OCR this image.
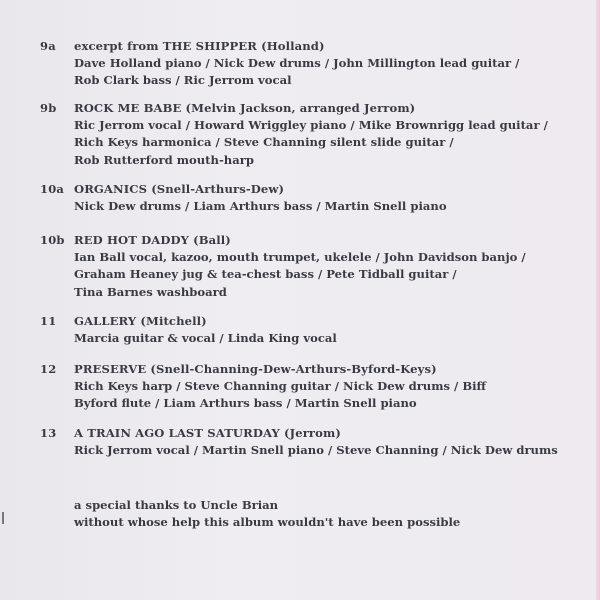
9a excerpt from THE SHIPPER (Holland)
Dave Holland piano / Nick Dew drums / John Millington lead guitar /
Rob Clark bass / Ric Jerrom vocal
9b ROCK ME BABE (Melvin Jackson, arranged Jerrom)
Ric Jerrom vocal / Howard Wriggley piano / Mike Brownrigg lead guitar /
Rich Keys harmonica / Steve Channing silent slide guitar /
Rob Rutterford mouth-harp
10a ORGANICS (Snell-Arthurs-Dew)
Nick Dew drums / Liam Arthurs bass / Martin Snell piano
10b RED HOT DADDY (Ball)
Ian Ball vocal, kazoo, mouth trumpet, ukelele / John Davidson banjo /
Graham Heaney jug & tea-chest bass / Pete Tidball guitar /
Tina Barnes washboard
11 GALLERY (Mitchell)
Marcia guitar & vocal / Linda King vocal
12 PRESERVE (Snell-Channing-Dew-Arthurs-Byford-Keys)
Rich Keys harp / Steve Channing guitar / Nick Dew drums / Biff
Byford flute / Liam Arthurs bass / Martin Snell piano
13 A TRAIN AGO LAST SATURDAY (Jerrom)
Rick Jerrom vocal / Martin Snell piano / Steve Channing / Nick Dew drums
a special thanks to Uncle Brian
without whose help this album wouldn't have been possible
